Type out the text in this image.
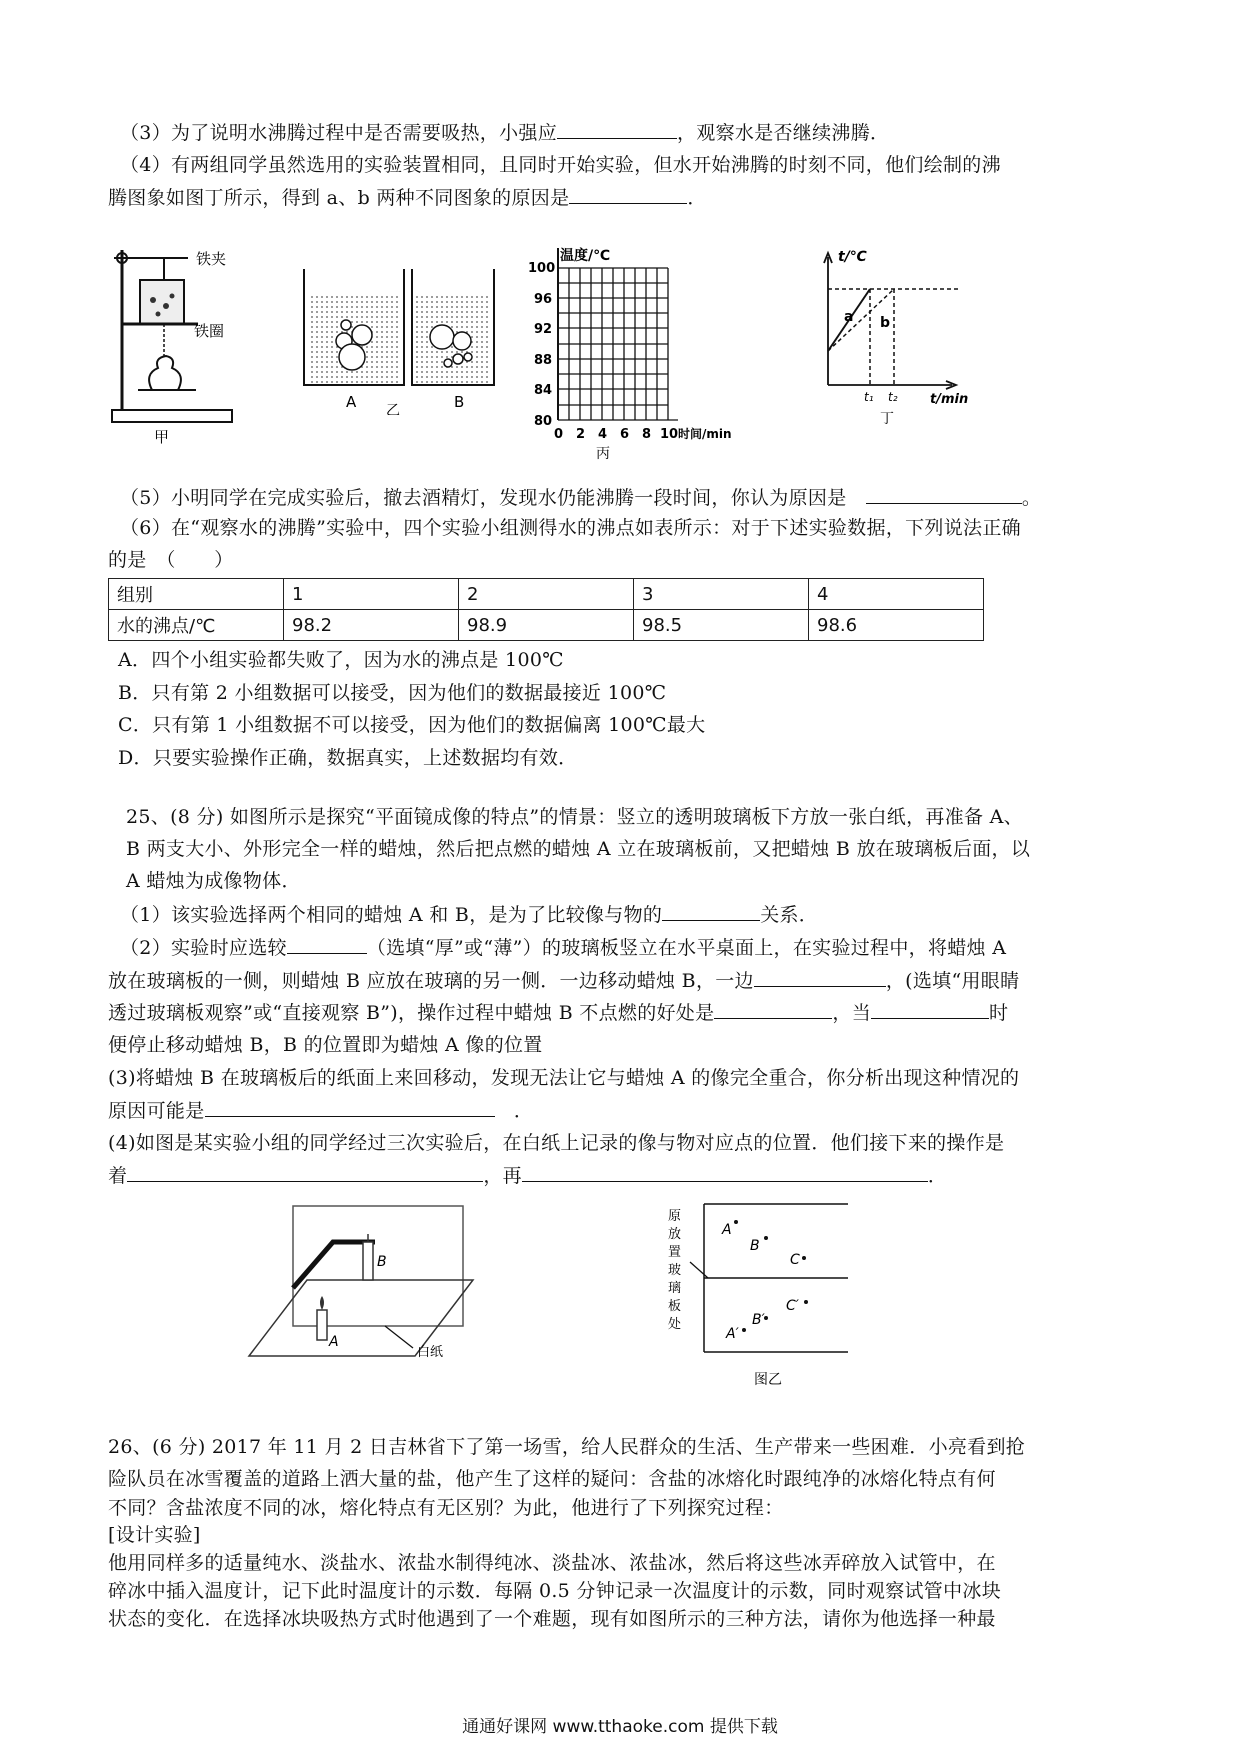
（3）为了说明水沸腾过程中是否需要吸热，小强应	，观察水是否继续沸腾．
（4）有两组同学虽然选用的实验装置相同，且同时开始实验，但水开始沸腾的时刻不同，他们绘制的沸
腾图象如图丁所示，得到 a、b 两种不同图象的原因是	．
铁夹
铁圈
甲
A	B
乙
温度/℃
100
96
92
88
84
80
0 2 4 6 8 10 时间/min
丙
t/℃
a b
t₁ t₂ t/min
丁
（5）小明同学在完成实验后，撤去酒精灯，发现水仍能沸腾一段时间，你认为原因是　	。
（6）在“观察水的沸腾”实验中，四个实验小组测得水的沸点如表所示：对于下述实验数据，下列说法正确
的是　（　　）
组别	1	2	3	4
水的沸点/℃	98.2	98.9	98.5	98.6
A．四个小组实验都失败了，因为水的沸点是 100℃
B．只有第 2 小组数据可以接受，因为他们的数据最接近 100℃
C．只有第 1 小组数据不可以接受，因为他们的数据偏离 100℃最大
D．只要实验操作正确，数据真实，上述数据均有效．
25、(8 分) 如图所示是探究“平面镜成像的特点”的情景：竖立的透明玻璃板下方放一张白纸，再准备 A、
B 两支大小、外形完全一样的蜡烛，然后把点燃的蜡烛 A 立在玻璃板前，又把蜡烛 B 放在玻璃板后面，以
A 蜡烛为成像物体．
（1）该实验选择两个相同的蜡烛 A 和 B，是为了比较像与物的	关系．
（2）实验时应选较	（选填“厚”或“薄”）的玻璃板竖立在水平桌面上，在实验过程中，将蜡烛 A
放在玻璃板的一侧，则蜡烛 B 应放在玻璃的另一侧．一边移动蜡烛 B，一边	，(选填“用眼睛
透过玻璃板观察”或“直接观察 B”)，操作过程中蜡烛 B 不点燃的好处是	，当	时
便停止移动蜡烛 B，B 的位置即为蜡烛 A 像的位置
(3)将蜡烛 B 在玻璃板后的纸面上来回移动，发现无法让它与蜡烛 A 的像完全重合，你分析出现这种情况的
原因可能是　	．
(4)如图是某实验小组的同学经过三次实验后，在白纸上记录的像与物对应点的位置．他们接下来的操作是
着	，再	．
B
A
白纸
原
放
置
玻
璃
板
处
A
B
C
A′
B′
C′
图乙
26、(6 分) 2017 年 11 月 2 日吉林省下了第一场雪，给人民群众的生活、生产带来一些困难．小亮看到抢
险队员在冰雪覆盖的道路上洒大量的盐，他产生了这样的疑问：含盐的冰熔化时跟纯净的冰熔化特点有何
不同？含盐浓度不同的冰，熔化特点有无区别？为此，他进行了下列探究过程：
[设计实验]
他用同样多的适量纯水、淡盐水、浓盐水制得纯冰、淡盐冰、浓盐冰，然后将这些冰弄碎放入试管中，在
碎冰中插入温度计，记下此时温度计的示数．每隔 0.5 分钟记录一次温度计的示数，同时观察试管中冰块
状态的变化．在选择冰块吸热方式时他遇到了一个难题，现有如图所示的三种方法，请你为他选择一种最
通通好课网 www.tthaoke.com 提供下载
